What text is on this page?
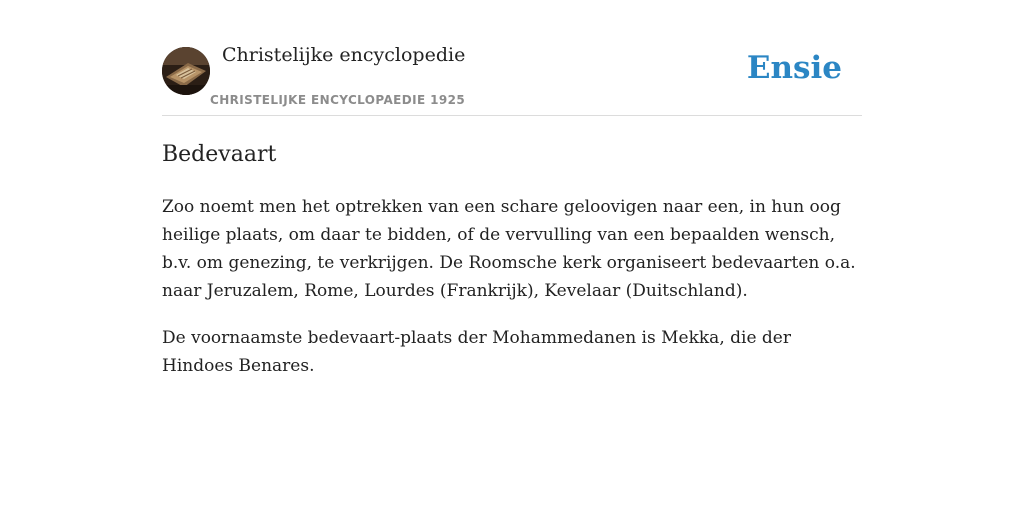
Christelijke encyclopedie
CHRISTELIJKE ENCYCLOPAEDIE 1925
Ensie
Bedevaart

Zoo noemt men het optrekken van een schare geloovigen naar een, in hun oog heilige plaats, om daar te bidden, of de vervulling van een bepaalden wensch, b.v. om genezing, te verkrijgen. De Roomsche kerk organiseert bedevaarten o.a. naar Jeruzalem, Rome, Lourdes (Frankrijk), Kevelaar (Duitschland).

De voornaamste bedevaart-plaats der Mohammedanen is Mekka, die der Hindoes Benares.
